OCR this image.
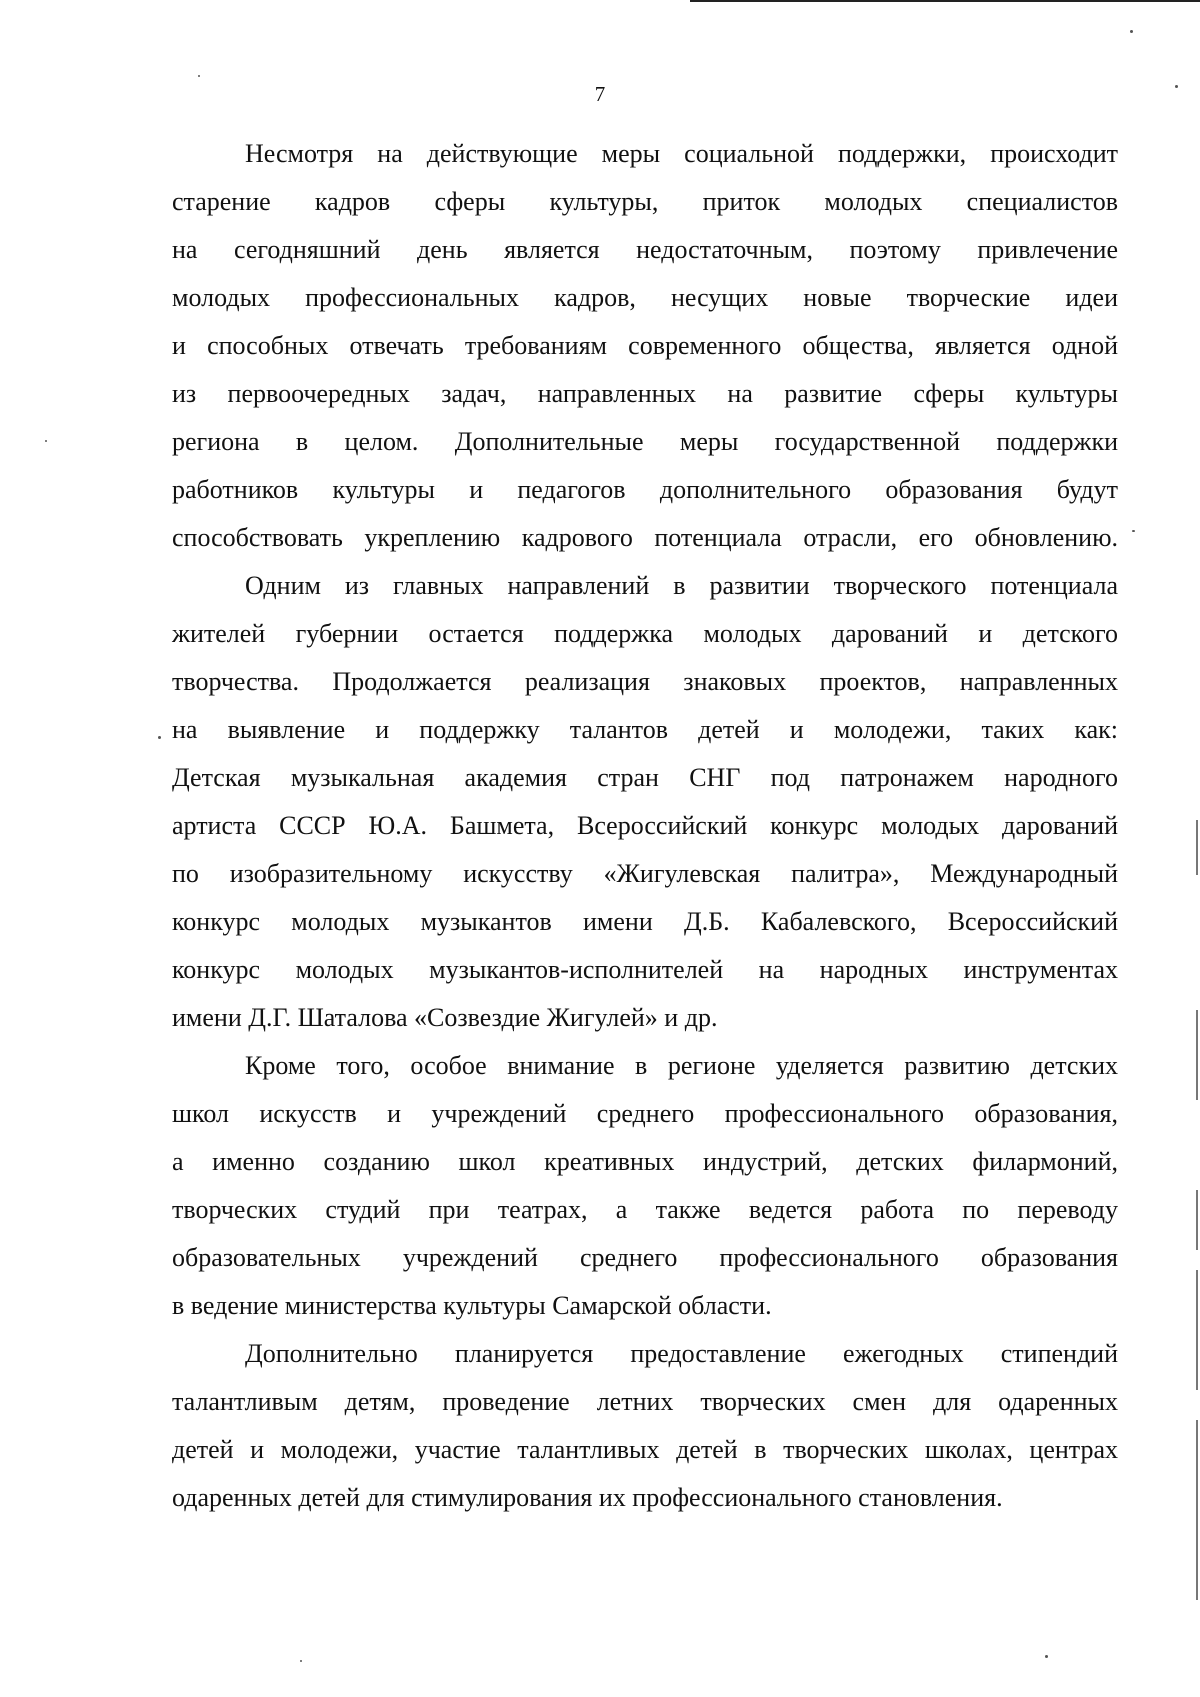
7
Несмотря на действующие меры социальной поддержки, происходит
старение кадров сферы культуры, приток молодых специалистов
на сегодняшний день является недостаточным, поэтому привлечение
молодых профессиональных кадров, несущих новые творческие идеи
и способных отвечать требованиям современного общества, является одной
из первоочередных задач, направленных на развитие сферы культуры
региона в целом. Дополнительные меры государственной поддержки
работников культуры и педагогов дополнительного образования будут
способствовать укреплению кадрового потенциала отрасли, его обновлению.
Одним из главных направлений в развитии творческого потенциала
жителей губернии остается поддержка молодых дарований и детского
творчества. Продолжается реализация знаковых проектов, направленных
на выявление и поддержку талантов детей и молодежи, таких как:
Детская музыкальная академия стран СНГ под патронажем народного
артиста СССР Ю.А. Башмета, Всероссийский конкурс молодых дарований
по изобразительному искусству «Жигулевская палитра», Международный
конкурс молодых музыкантов имени Д.Б. Кабалевского, Всероссийский
конкурс молодых музыкантов-исполнителей на народных инструментах
имени Д.Г. Шаталова «Созвездие Жигулей» и др.
Кроме того, особое внимание в регионе уделяется развитию детских
школ искусств и учреждений среднего профессионального образования,
а именно созданию школ креативных индустрий, детских филармоний,
творческих студий при театрах, а также ведется работа по переводу
образовательных учреждений среднего профессионального образования
в ведение министерства культуры Самарской области.
Дополнительно планируется предоставление ежегодных стипендий
талантливым детям, проведение летних творческих смен для одаренных
детей и молодежи, участие талантливых детей в творческих школах, центрах
одаренных детей для стимулирования их профессионального становления.
